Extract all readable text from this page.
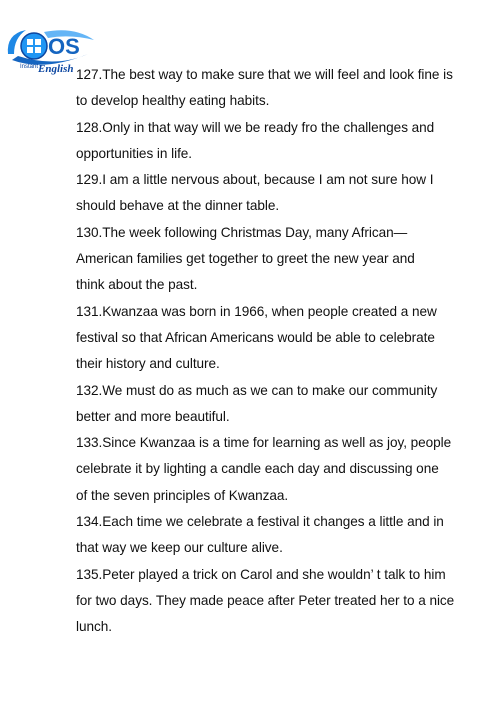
OS
Instant English 127.The best way to make sure that we will feel and look fine is
to develop healthy eating habits.
128.Only in that way will we be ready fro the challenges and
opportunities in life.
129.I am a little nervous about, because I am not sure how I
should behave at the dinner table.
130.The week following Christmas Day, many African—
American families get together to greet the new year and
think about the past.
131.Kwanzaa was born in 1966, when people created a new
festival so that African Americans would be able to celebrate
their history and culture.
132.We must do as much as we can to make our community
better and more beautiful.
133.Since Kwanzaa is a time for learning as well as joy, people
celebrate it by lighting a candle each day and discussing one
of the seven principles of Kwanzaa.
134.Each time we celebrate a festival it changes a little and in
that way we keep our culture alive.
135.Peter played a trick on Carol and she wouldn’ t talk to him
for two days. They made peace after Peter treated her to a nice
lunch.
